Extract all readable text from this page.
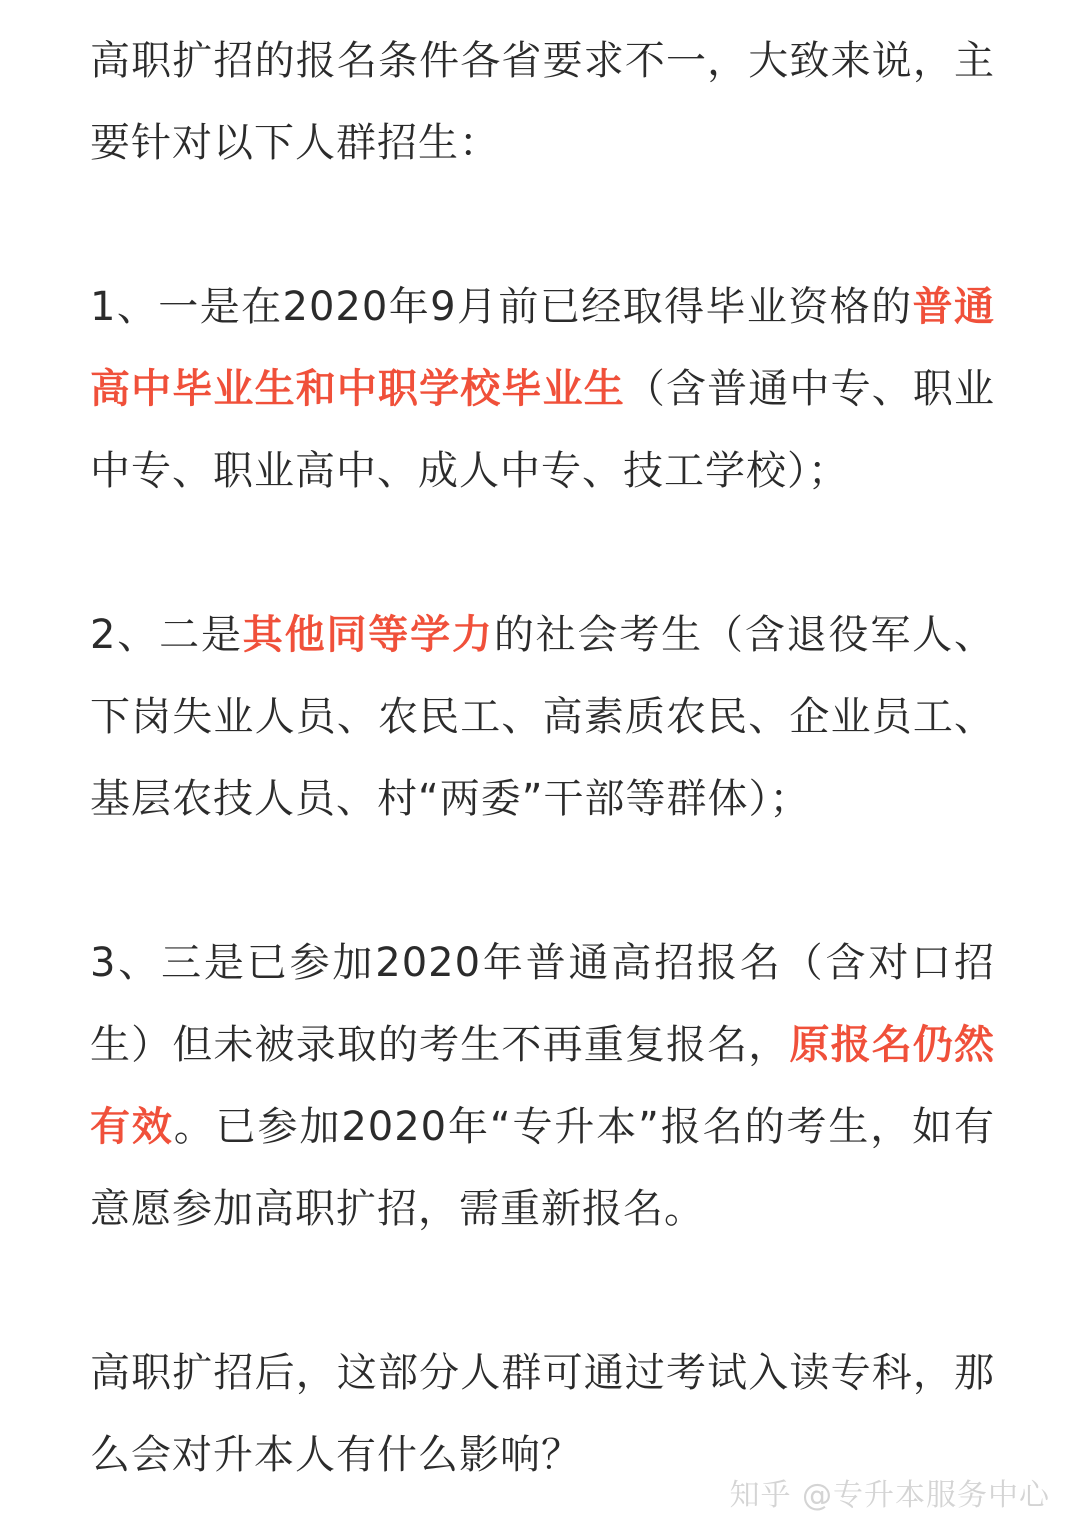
高职扩招的报名条件各省要求不一，大致来说，主要针对以下人群招生：

1、一是在2020年9月前已经取得毕业资格的普通高中毕业生和中职学校毕业生（含普通中专、职业中专、职业高中、成人中专、技工学校）；

2、二是其他同等学力的社会考生（含退役军人、下岗失业人员、农民工、高素质农民、企业员工、基层农技人员、村“两委”干部等群体）；

3、三是已参加2020年普通高招报名（含对口招生）但未被录取的考生不再重复报名，原报名仍然有效。已参加2020年“专升本”报名的考生，如有意愿参加高职扩招，需重新报名。

高职扩招后，这部分人群可通过考试入读专科，那么会对升本人有什么影响？

知乎 @专升本服务中心
